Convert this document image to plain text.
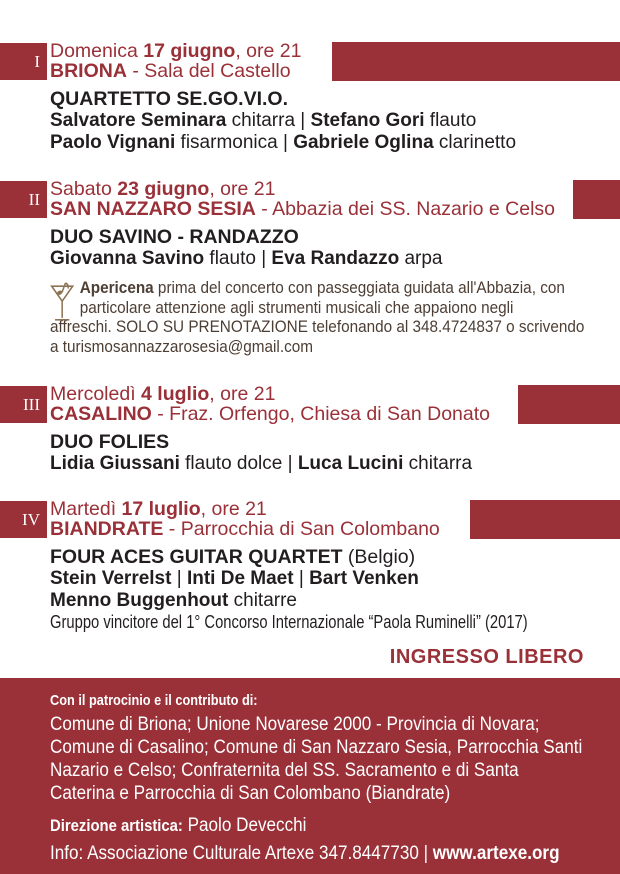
I Domenica 17 giugno, ore 21
BRIONA - Sala del Castello
QUARTETTO SE.GO.VI.O.
Salvatore Seminara chitarra | Stefano Gori flauto
Paolo Vignani fisarmonica | Gabriele Oglina clarinetto
II Sabato 23 giugno, ore 21
SAN NAZZARO SESIA - Abbazia dei SS. Nazario e Celso
DUO SAVINO - RANDAZZO
Giovanna Savino flauto | Eva Randazzo arpa
Apericena prima del concerto con passeggiata guidata all'Abbazia, con
particolare attenzione agli strumenti musicali che appaiono negli
affreschi. SOLO SU PRENOTAZIONE telefonando al 348.4724837 o scrivendo
a turismosannazzarosesia@gmail.com
III Mercoledì 4 luglio, ore 21
CASALINO - Fraz. Orfengo, Chiesa di San Donato
DUO FOLIES
Lidia Giussani flauto dolce | Luca Lucini chitarra
IV Martedì 17 luglio, ore 21
BIANDRATE - Parrocchia di San Colombano
FOUR ACES GUITAR QUARTET (Belgio)
Stein Verrelst | Inti De Maet | Bart Venken
Menno Buggenhout chitarre
Gruppo vincitore del 1° Concorso Internazionale “Paola Ruminelli” (2017)
INGRESSO LIBERO
Con il patrocinio e il contributo di:
Comune di Briona; Unione Novarese 2000 - Provincia di Novara;
Comune di Casalino; Comune di San Nazzaro Sesia, Parrocchia Santi
Nazario e Celso; Confraternita del SS. Sacramento e di Santa
Caterina e Parrocchia di San Colombano (Biandrate)
Direzione artistica: Paolo Devecchi
Info: Associazione Culturale Artexe 347.8447730 | www.artexe.org
